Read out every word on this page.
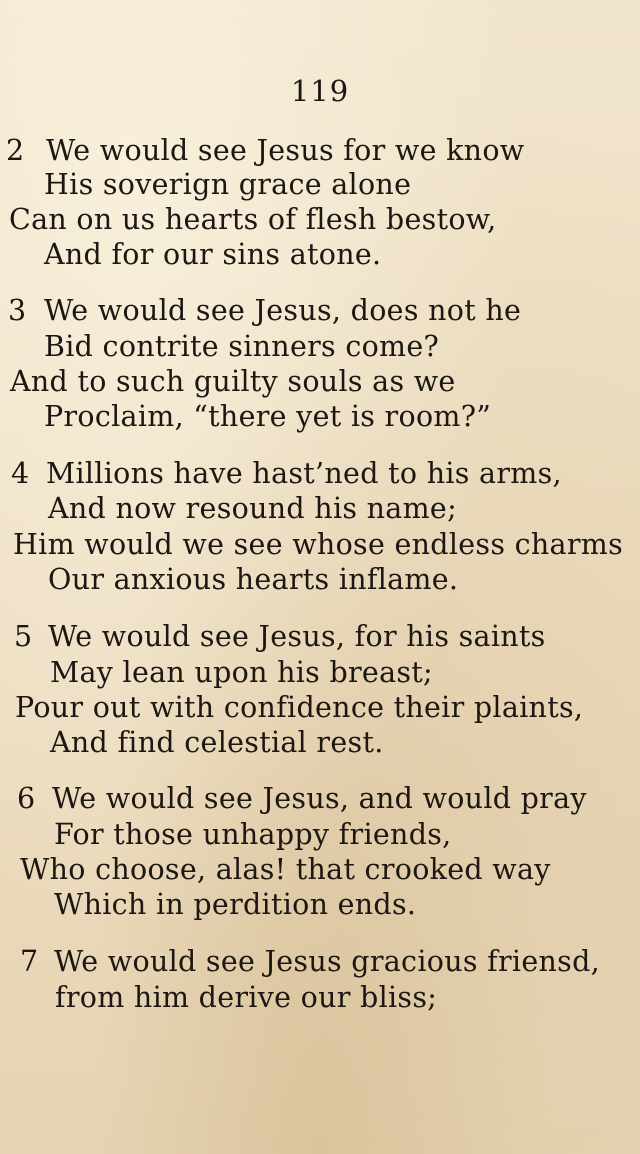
119
2 We would see Jesus for we know
His soverign grace alone
Can on us hearts of flesh bestow,
And for our sins atone.
3 We would see Jesus, does not he
Bid contrite sinners come?
And to such guilty souls as we
Proclaim, “there yet is room?”
4 Millions have hast’ned to his arms,
And now resound his name;
Him would we see whose endless charms
Our anxious hearts inflame.
5 We would see Jesus, for his saints
May lean upon his breast;
Pour out with confidence their plaints,
And find celestial rest.
6 We would see Jesus, and would pray
For those unhappy friends,
Who choose, alas! that crooked way
Which in perdition ends.
7 We would see Jesus gracious friensd,
from him derive our bliss;
